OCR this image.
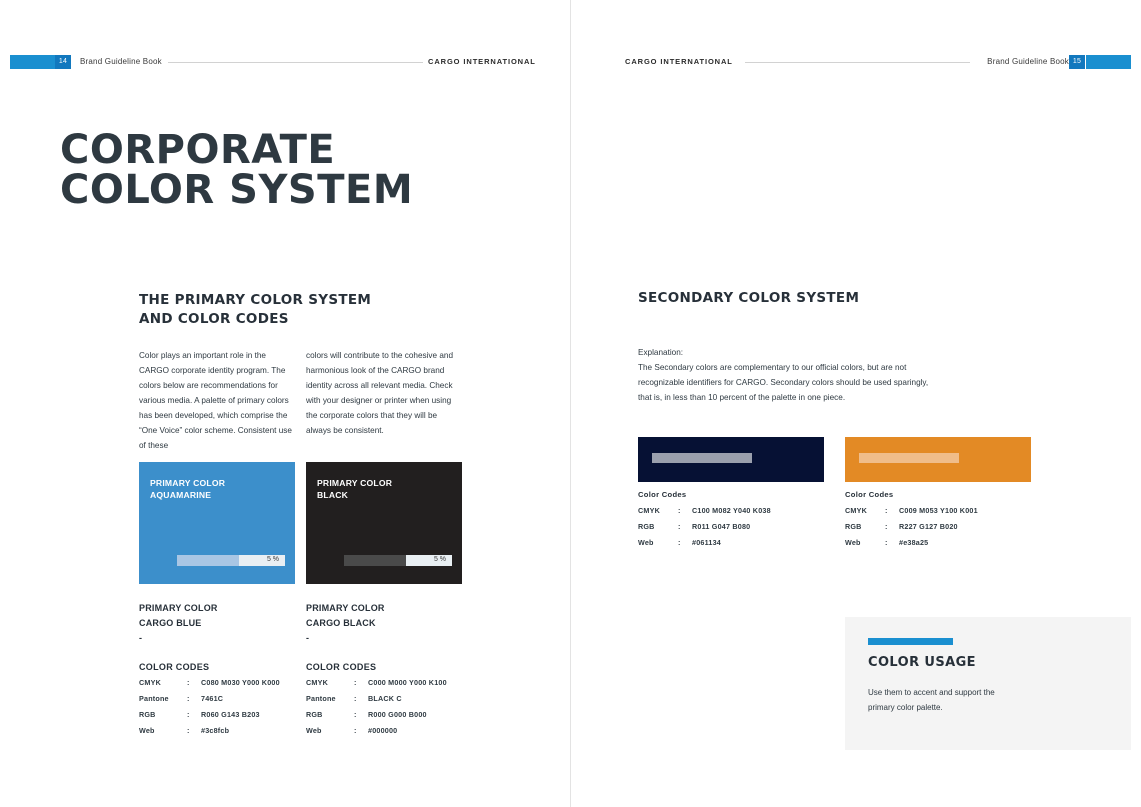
14	Brand Guideline Book	CARGO INTERNATIONAL	CARGO INTERNATIONAL	Brand Guideline Book 15
CORPORATE
COLOR SYSTEM
THE PRIMARY COLOR SYSTEM
AND COLOR CODES
Color plays an important role in the CARGO corporate identity program. The colors below are recommendations for various media. A palette of primary colors has been developed, which comprise the “One Voice” color scheme. Consistent use of these
colors will contribute to the cohesive and harmonious look of the CARGO brand identity across all relevant media. Check with your designer or printer when using the corporate colors that they will be always be consistent.
PRIMARY COLOR
AQUAMARINE
5 %
PRIMARY COLOR
BLACK
5 %
PRIMARY COLOR
CARGO BLUE
-
PRIMARY COLOR
CARGO BLACK
-
COLOR CODES
CMYK	:	C080 M030 Y000 K000
Pantone	:	7461C
RGB	:	R060 G143 B203
Web	:	#3c8fcb
COLOR CODES
CMYK	:	C000 M000 Y000 K100
Pantone	:	BLACK C
RGB	:	R000 G000 B000
Web	:	#000000
SECONDARY COLOR SYSTEM
Explanation:
The Secondary colors are complementary to our official colors, but are not recognizable identifiers for CARGO. Secondary colors should be used sparingly, that is, in less than 10 percent of the palette in one piece.
Color Codes
CMYK	:	C100 M082 Y040 K038
RGB	:	R011 G047 B080
Web	:	#061134
Color Codes
CMYK	:	C009 M053 Y100 K001
RGB	:	R227 G127 B020
Web	:	#e38a25
COLOR USAGE
Use them to accent and support the primary color palette.
